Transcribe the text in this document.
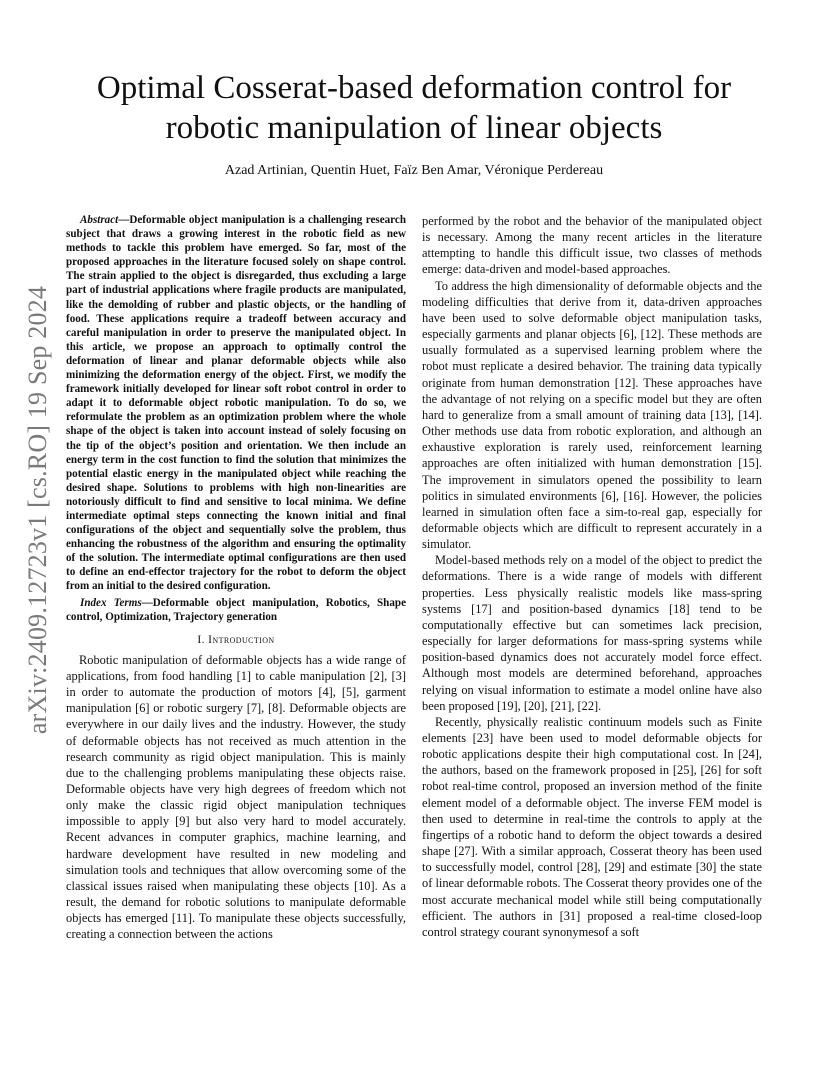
arXiv:2409.12723v1 [cs.RO] 19 Sep 2024
Optimal Cosserat-based deformation control for
robotic manipulation of linear objects

Azad Artinian, Quentin Huet, Faïz Ben Amar, Véronique Perdereau

Abstract—Deformable object manipulation is a challenging research subject that draws a growing interest in the robotic field as new methods to tackle this problem have emerged. So far, most of the proposed approaches in the literature focused solely on shape control. The strain applied to the object is disregarded, thus excluding a large part of industrial applications where fragile products are manipulated, like the demolding of rubber and plastic objects, or the handling of food. These applications require a tradeoff between accuracy and careful manipulation in order to preserve the manipulated object. In this article, we propose an approach to optimally control the deformation of linear and planar deformable objects while also minimizing the deformation energy of the object. First, we modify the framework initially developed for linear soft robot control in order to adapt it to deformable object robotic manipulation. To do so, we reformulate the problem as an optimization problem where the whole shape of the object is taken into account instead of solely focusing on the tip of the object’s position and orientation. We then include an energy term in the cost function to find the solution that minimizes the potential elastic energy in the manipulated object while reaching the desired shape. Solutions to problems with high non-linearities are notoriously difficult to find and sensitive to local minima. We define intermediate optimal steps connecting the known initial and final configurations of the object and sequentially solve the problem, thus enhancing the robustness of the algorithm and ensuring the optimality of the solution. The intermediate optimal configurations are then used to define an end-effector trajectory for the robot to deform the object from an initial to the desired configuration.

Index Terms—Deformable object manipulation, Robotics, Shape control, Optimization, Trajectory generation

I. Introduction

Robotic manipulation of deformable objects has a wide range of applications, from food handling [1] to cable manipulation [2], [3] in order to automate the production of motors [4], [5], garment manipulation [6] or robotic surgery [7], [8]. Deformable objects are everywhere in our daily lives and the industry. However, the study of deformable objects has not received as much attention in the research community as rigid object manipulation. This is mainly due to the challenging problems manipulating these objects raise. Deformable objects have very high degrees of freedom which not only make the classic rigid object manipulation techniques impossible to apply [9] but also very hard to model accurately. Recent advances in computer graphics, machine learning, and hardware development have resulted in new modeling and simulation tools and techniques that allow overcoming some of the classical issues raised when manipulating these objects [10]. As a result, the demand for robotic solutions to manipulate deformable objects has emerged [11]. To manipulate these objects successfully, creating a connection between the actions

performed by the robot and the behavior of the manipulated object is necessary. Among the many recent articles in the literature attempting to handle this difficult issue, two classes of methods emerge: data-driven and model-based approaches.

To address the high dimensionality of deformable objects and the modeling difficulties that derive from it, data-driven approaches have been used to solve deformable object manipulation tasks, especially garments and planar objects [6], [12]. These methods are usually formulated as a supervised learning problem where the robot must replicate a desired behavior. The training data typically originate from human demonstration [12]. These approaches have the advantage of not relying on a specific model but they are often hard to generalize from a small amount of training data [13], [14]. Other methods use data from robotic exploration, and although an exhaustive exploration is rarely used, reinforcement learning approaches are often initialized with human demonstration [15]. The improvement in simulators opened the possibility to learn politics in simulated environments [6], [16]. However, the policies learned in simulation often face a sim-to-real gap, especially for deformable objects which are difficult to represent accurately in a simulator.

Model-based methods rely on a model of the object to predict the deformations. There is a wide range of models with different properties. Less physically realistic models like mass-spring systems [17] and position-based dynamics [18] tend to be computationally effective but can sometimes lack precision, especially for larger deformations for mass-spring systems while position-based dynamics does not accurately model force effect. Although most models are determined beforehand, approaches relying on visual information to estimate a model online have also been proposed [19], [20], [21], [22].

Recently, physically realistic continuum models such as Finite elements [23] have been used to model deformable objects for robotic applications despite their high computational cost. In [24], the authors, based on the framework proposed in [25], [26] for soft robot real-time control, proposed an inversion method of the finite element model of a deformable object. The inverse FEM model is then used to determine in real-time the controls to apply at the fingertips of a robotic hand to deform the object towards a desired shape [27]. With a similar approach, Cosserat theory has been used to successfully model, control [28], [29] and estimate [30] the state of linear deformable robots. The Cosserat theory provides one of the most accurate mechanical model while still being computationally efficient. The authors in [31] proposed a real-time closed-loop control strategy courant synonymesof a soft
